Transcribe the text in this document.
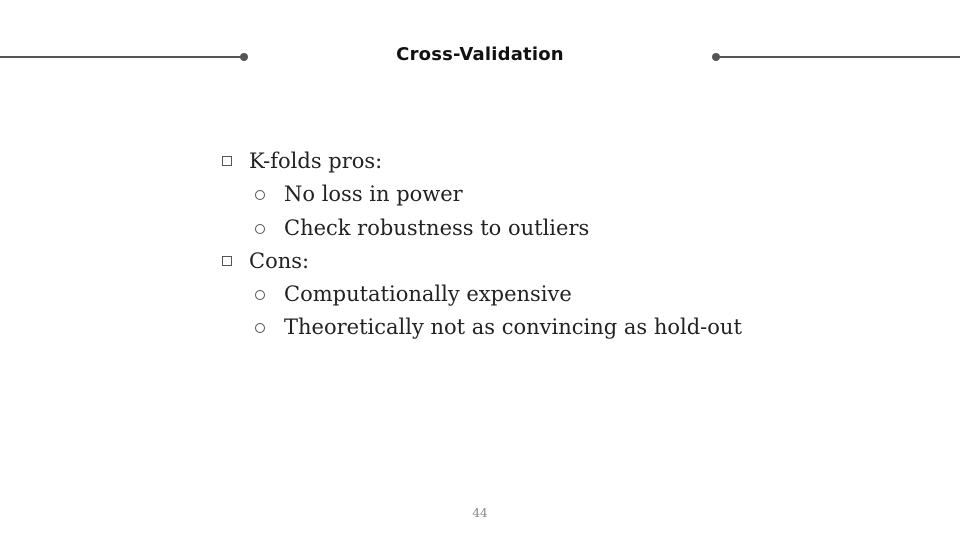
Cross-Validation
K-folds pros:
No loss in power
Check robustness to outliers
Cons:
Computationally expensive
Theoretically not as convincing as hold-out
44
